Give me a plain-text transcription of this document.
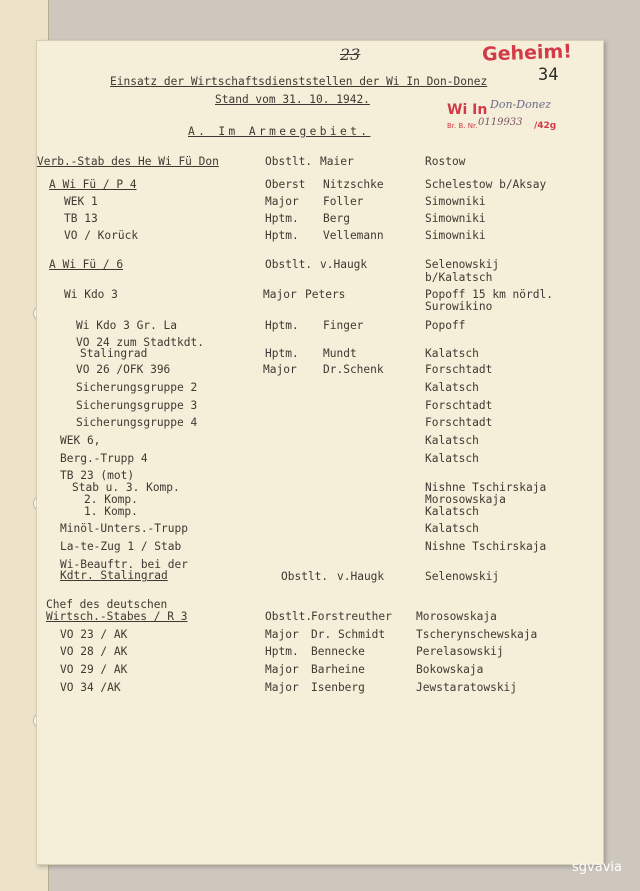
23
34
Geheim!
Wi In Don-Donez
Br. B. Nr. 0119933 /42g
Einsatz der Wirtschaftsdienststellen der Wi In Don-Donez
Stand vom 31. 10. 1942.
A. Im Armeegebiet.
Verb.-Stab des He Wi Fü Don
A Wi Fü / P 4
WEK 1
TB 13
VO / Korück
A Wi Fü / 6
Wi Kdo 3
Wi Kdo 3 Gr. La
VO 24 zum Stadtkdt.
Stalingrad
VO 26 /OFK 396
Sicherungsgruppe 2
Sicherungsgruppe 3
Sicherungsgruppe 4
WEK 6,
Berg.-Trupp 4
TB 23 (mot)
Stab u. 3. Komp.
2. Komp.
1. Komp.
Minöl-Unters.-Trupp
La-te-Zug 1 / Stab
Wi-Beauftr. bei der
Kdtr. Stalingrad
Chef des deutschen
Wirtsch.-Stabes / R 3
VO 23 / AK
VO 28 / AK
VO 29 / AK
VO 34 /AK
Obstlt.
Oberst
Major
Hptm.
Hptm.
Obstlt.
Major
Hptm.
Hptm.
Major
Obstlt.
Obstlt.
Major
Hptm.
Major
Major
Maier
Nitzschke
Foller
Berg
Vellemann
v.Haugk
Peters
Finger
Mundt
Dr.Schenk
v.Haugk
Forstreuther
Dr. Schmidt
Bennecke
Barheine
Isenberg
Rostow
Schelestow b/Aksay
Simowniki
Simowniki
Simowniki
Selenowskij
b/Kalatsch
Popoff 15 km nördl.
Surowikino
Popoff
Kalatsch
Forschtadt
Kalatsch
Forschtadt
Forschtadt
Kalatsch
Kalatsch
Nishne Tschirskaja
Morosowskaja
Kalatsch
Kalatsch
Nishne Tschirskaja
Selenowskij
Morosowskaja
Tscherynschewskaja
Perelasowskij
Bokowskaja
Jewstaratowskij
sgvavia
